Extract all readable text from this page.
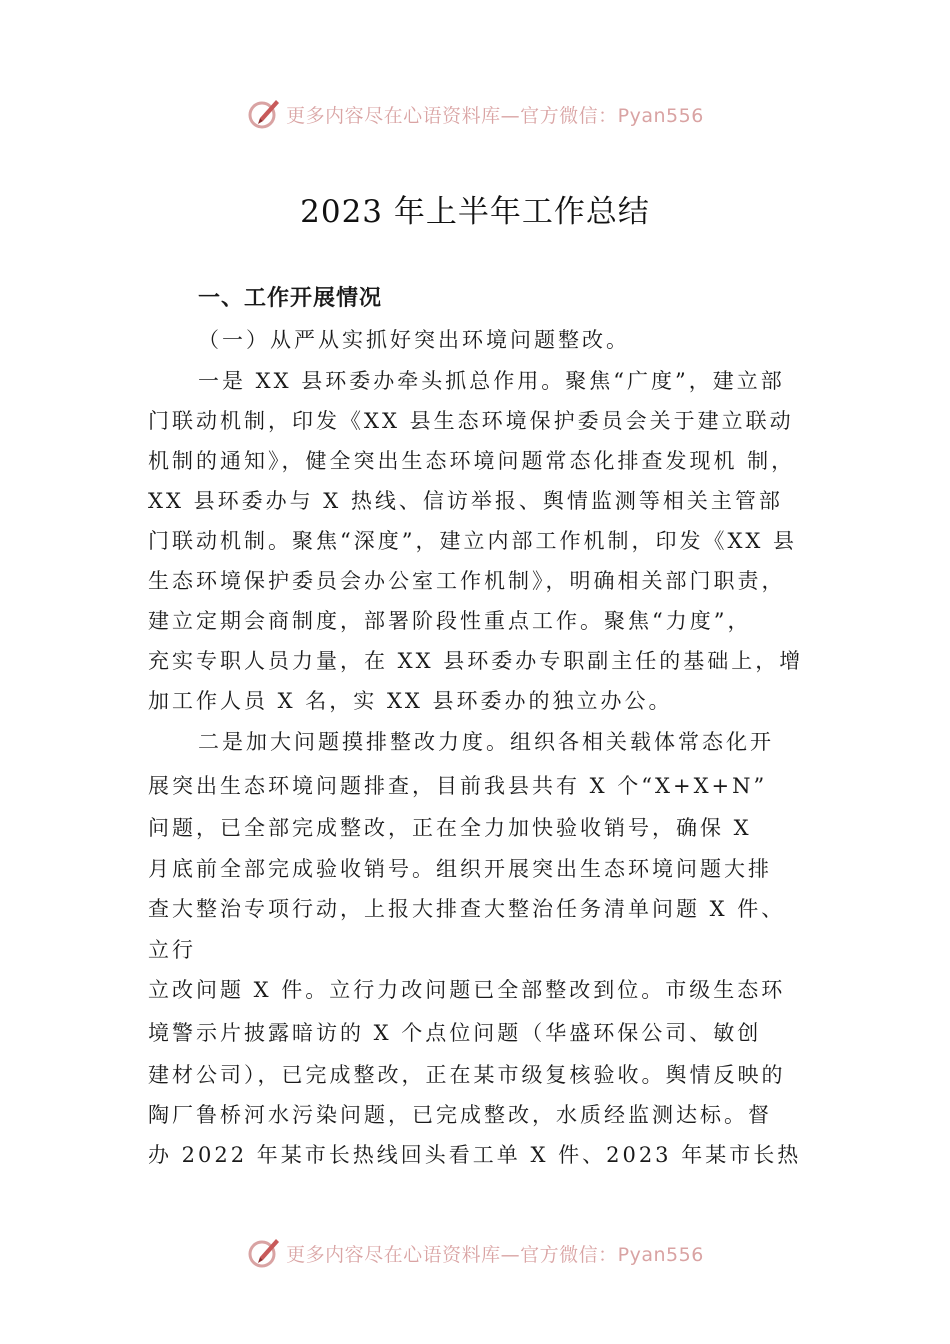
更多内容尽在心语资料库—官方微信：Pyan556
2023 年上半年工作总结
一、工作开展情况
（一）从严从实抓好突出环境问题整改。
一是 XX 县环委办牵头抓总作用。聚焦“广度”，建立部
门联动机制，印发《XX 县生态环境保护委员会关于建立联动
机制的通知》，健全突出生态环境问题常态化排查发现机 制，
XX 县环委办与 X 热线、信访举报、舆情监测等相关主管部
门联动机制。聚焦“深度”，建立内部工作机制，印发《XX 县
生态环境保护委员会办公室工作机制》，明确相关部门职责，
建立定期会商制度，部署阶段性重点工作。聚焦“力度”，
充实专职人员力量，在 XX 县环委办专职副主任的基础上，增
加工作人员 X 名，实 XX 县环委办的独立办公。
二是加大问题摸排整改力度。组织各相关载体常态化开
展突出生态环境问题排查，目前我县共有 X 个“X+X+N”
问题，已全部完成整改，正在全力加快验收销号，确保 X
月底前全部完成验收销号。组织开展突出生态环境问题大排
查大整治专项行动，上报大排查大整治任务清单问题 X 件、
立行
立改问题 X 件。立行力改问题已全部整改到位。市级生态环
境警示片披露暗访的 X 个点位问题（华盛环保公司、敏创
建材公司），已完成整改，正在某市级复核验收。舆情反映的
陶厂鲁桥河水污染问题，已完成整改，水质经监测达标。督
办 2022 年某市长热线回头看工单 X 件、2023 年某市长热
更多内容尽在心语资料库—官方微信：Pyan556
